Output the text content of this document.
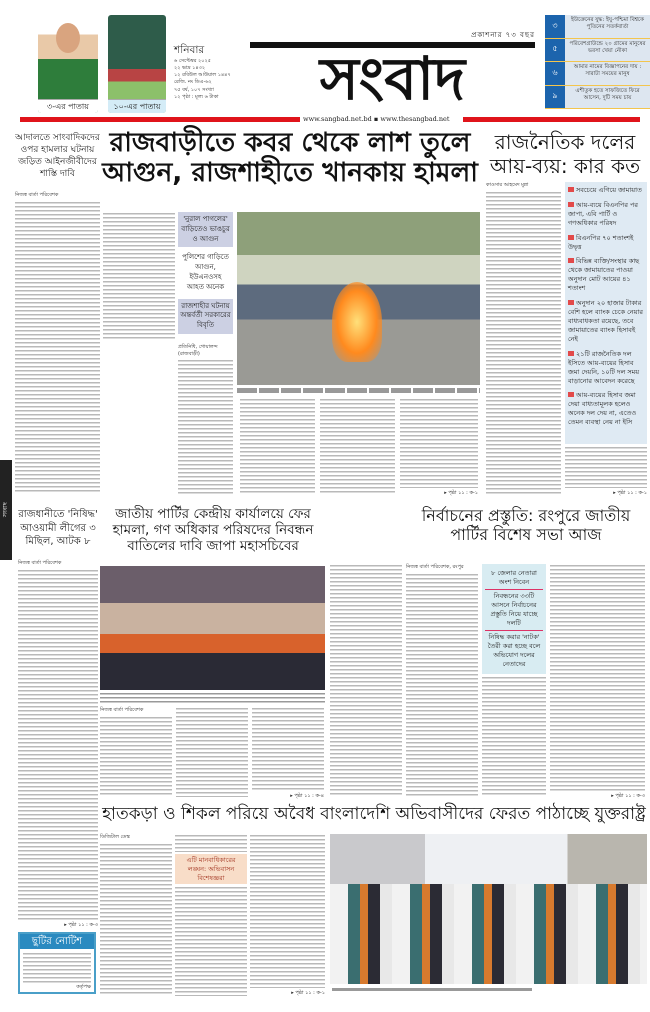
৩-এর পাতায়	১০-এর পাতায়
শনিবার
৬ সেপ্টেম্বর ২০২৫
২২ ভাদ্র ১৪৩২
১২ রবিউল আউয়াল ১৪৪৭
রেজি. নং ডিএ-৬২
৭৫ বর্ষ, ১০৭ সংখ্যা
১২ পৃষ্ঠা : মূল্য ৬ টাকা
প্রকাশনার ৭৩ বছর
সংবাদ
www.sangbad.net.bd ▪ www.thesangbad.net
৩
ইউক্রেনের যুদ্ধ: ইযু-পশ্চিমা বিশ্বকে পুতিনের সতর্কবার্তা
৫
পরিবেশগ্রাউন্ডে ২০ গ্রামের মানুষের ভরসা খেয়া নৌকা
৬
আমার নামের বিজ্ঞাপনের দায় : সারাটা সময়ের মানুষ
৯
এশীতুক হতে সাফজিতে ফিরে আসেন, দুটি সময় চায়
আদালতে সাংবাদিকদের ওপর হামলার ঘটনায় জড়িত আইনজীবীদের শাস্তি দাবি
নিজস্ব বার্তা পরিবেশক
রাজবাড়ীতে কবর থেকে লাশ তুলে আগুন, রাজশাহীতে খানকায় হামলা
'নুরাল পাগলের' বাড়িতেও ভাঙচুর ও আগুন
পুলিশের গাড়িতে আগুন, ইউএনওসহ আহত অনেক
রাজশাহীর ঘটনায় অন্তর্বর্তী সরকারের বিবৃতি
প্রতিনিধি, গোয়ালন্দ (রাজবাড়ী)
▸ পৃষ্ঠা ১১ : ক-১
রাজনৈতিক দলের আয়-ব্যয়: কার কত
কাওসার আহমেদ মুন্না
সবচেয়ে এগিয়ে জামায়াত
আয়-ব্যয়ে বিএনপির পর জাপা, এবি পার্টি ও গণঅধিকার পরিষদ
বিএনপির ৭০ শতাংশই উদ্বৃত্ত
বিভিন্ন ব্যক্তি/সংস্থার কাছ থেকে জামায়াতের পাওয়া অনুদান মোট আয়ের ৪১ শতাংশ
অনুদান ২০ হাজার টাকার বেশি হলে ব্যাংক চেকে নেয়ার বাধ্যবাধকতা রয়েছে, তবে জামায়াতের ব্যাংক হিসাবই নেই
২১টি রাজনৈতিক দল ইসিতে আয়-ব্যয়ের হিসাব জমা দেয়নি, ১০টি দল সময় বাড়ানোর আবেদন করেছে
আয়-ব্যয়ের হিসাব জমা দেয়া বাধ্যতামূলক হলেও অনেক দল দেয় না, এতেও তেমন ব্যবস্থা নেয় না ইসি
▸ পৃষ্ঠা ১১ : ক-১
সংবাদ রাজধানীতে 'নিষিদ্ধ' আওয়ামী লীগের ৩ মিছিল, আটক ৮
নিজস্ব বার্তা পরিবেশক
▸ পৃষ্ঠা ১১ : ক-৩
ছুটির নোটিশ
কর্তৃপক্ষ
জাতীয় পার্টির কেন্দ্রীয় কার্যালয়ে ফের হামলা, গণ অধিকার পরিষদের নিবন্ধন বাতিলের দাবি জাপা মহাসচিবের
নিজস্ব বার্তা পরিবেশক
▸ পৃষ্ঠা ১১ : ক-৪
নির্বাচনের প্রস্তুতি: রংপুরে জাতীয় পার্টির বিশেষ সভা আজ
নিজস্ব বার্তা পরিবেশক, রংপুর
৮ জেলার নেতারা অংশ নিবেন
নিবন্ধনের ৩৩টি আসনে নির্বাচনের প্রস্তুতি নিয়ে যাচ্ছে দলটি
নিষিদ্ধ করার 'নাটক' তৈরী করা হচ্ছে বলে অভিযোগ দলের নেতাদের
▸ পৃষ্ঠা ১১ : ক-৩
হাতকড়া ও শিকল পরিয়ে অবৈধ বাংলাদেশি অভিবাসীদের ফেরত পাঠাচ্ছে যুক্তরাষ্ট্র
ডিজিটাল ডেস্ক
এটি মানবাধিকারের লঙ্ঘন: অভিবাসন বিশেষজ্ঞরা
▸ পৃষ্ঠা ১১ : ক-১
